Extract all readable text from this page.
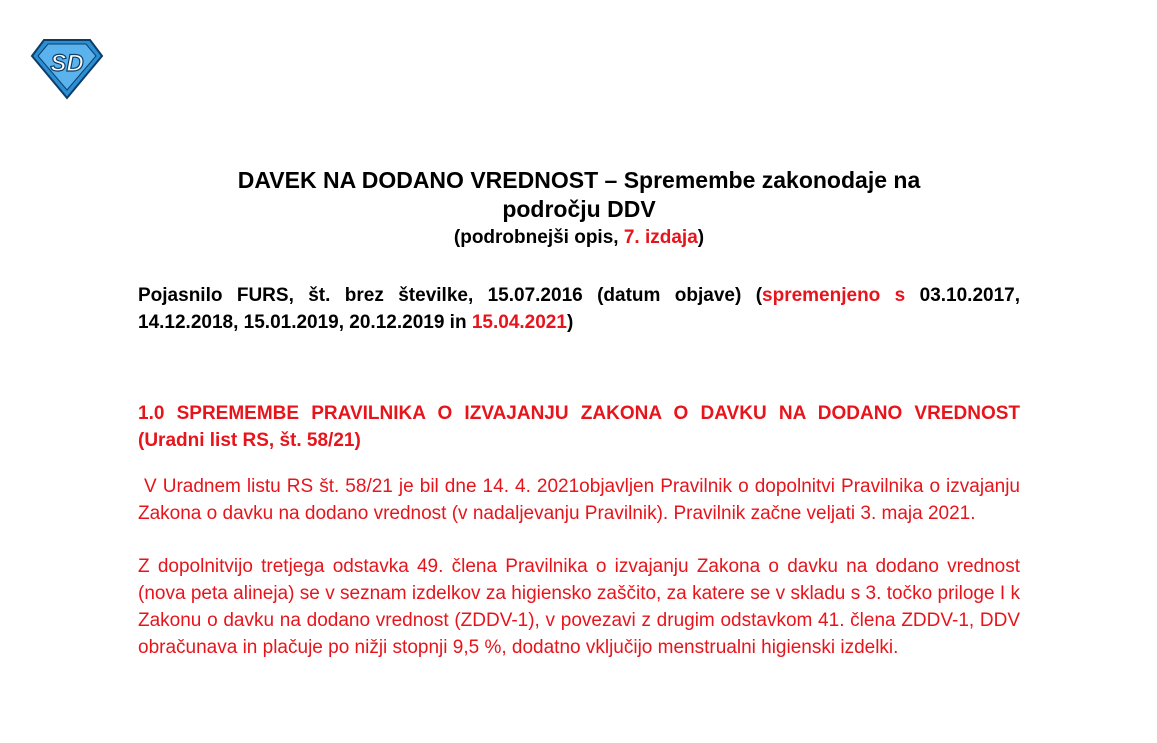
SD

DAVEK NA DODANO VREDNOST – Spremembe zakonodaje na
področju DDV

(podrobnejši opis, 7. izdaja)

Pojasnilo FURS, št. brez številke, 15.07.2016 (datum objave) (spremenjeno s 03.10.2017, 14.12.2018, 15.01.2019, 20.12.2019 in 15.04.2021)

1.0 SPREMEMBE PRAVILNIKA O IZVAJANJU ZAKONA O DAVKU NA DODANO VREDNOST (Uradni list RS, št. 58/21)

V Uradnem listu RS št. 58/21 je bil dne 14. 4. 2021objavljen Pravilnik o dopolnitvi Pravilnika o izvajanju Zakona o davku na dodano vrednost (v nadaljevanju Pravilnik). Pravilnik začne veljati 3. maja 2021.

Z dopolnitvijo tretjega odstavka 49. člena Pravilnika o izvajanju Zakona o davku na dodano vrednost (nova peta alineja) se v seznam izdelkov za higiensko zaščito, za katere se v skladu s 3. točko priloge I k Zakonu o davku na dodano vrednost (ZDDV-1), v povezavi z drugim odstavkom 41. člena ZDDV-1, DDV obračunava in plačuje po nižji stopnji 9,5 %, dodatno vključijo menstrualni higienski izdelki.
